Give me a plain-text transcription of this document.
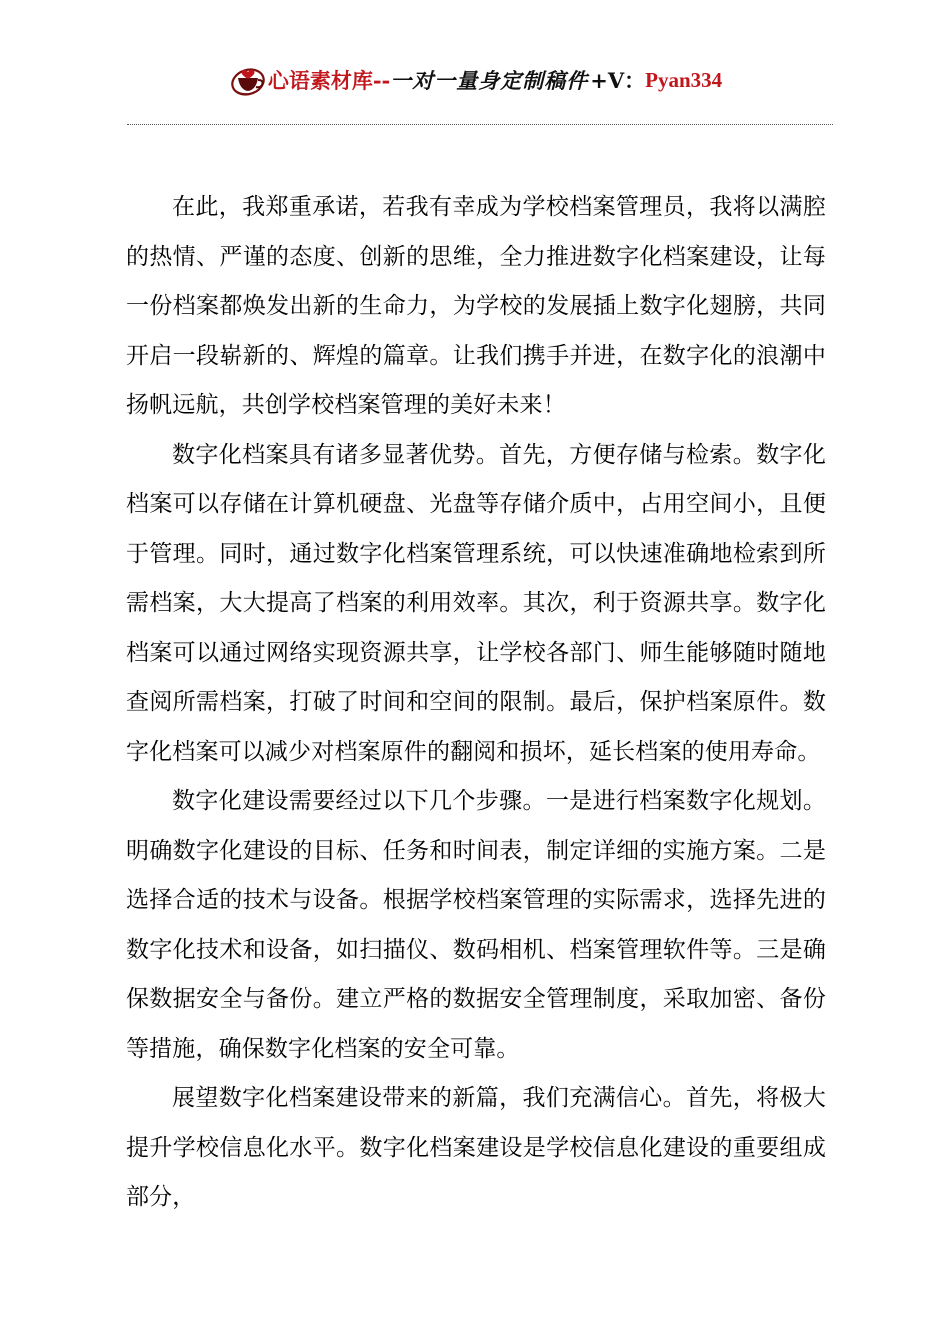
心语素材库 -- 一对一量身定制稿件 +V： Pyan334

在此，我郑重承诺，若我有幸成为学校档案管理员，我将以满腔的热情、严谨的态度、创新的思维，全力推进数字化档案建设，让每一份档案都焕发出新的生命力，为学校的发展插上数字化翅膀，共同开启一段崭新的、辉煌的篇章。让我们携手并进，在数字化的浪潮中扬帆远航，共创学校档案管理的美好未来！

数字化档案具有诸多显著优势。首先，方便存储与检索。数字化档案可以存储在计算机硬盘、光盘等存储介质中，占用空间小，且便于管理。同时，通过数字化档案管理系统，可以快速准确地检索到所需档案，大大提高了档案的利用效率。其次，利于资源共享。数字化档案可以通过网络实现资源共享，让学校各部门、师生能够随时随地查阅所需档案，打破了时间和空间的限制。最后，保护档案原件。数字化档案可以减少对档案原件的翻阅和损坏，延长档案的使用寿命。

数字化建设需要经过以下几个步骤。一是进行档案数字化规划。明确数字化建设的目标、任务和时间表，制定详细的实施方案。二是选择合适的技术与设备。根据学校档案管理的实际需求，选择先进的数字化技术和设备，如扫描仪、数码相机、档案管理软件等。三是确保数据安全与备份。建立严格的数据安全管理制度，采取加密、备份等措施，确保数字化档案的安全可靠。

展望数字化档案建设带来的新篇，我们充满信心。首先，将极大提升学校信息化水平。数字化档案建设是学校信息化建设的重要组成部分，
